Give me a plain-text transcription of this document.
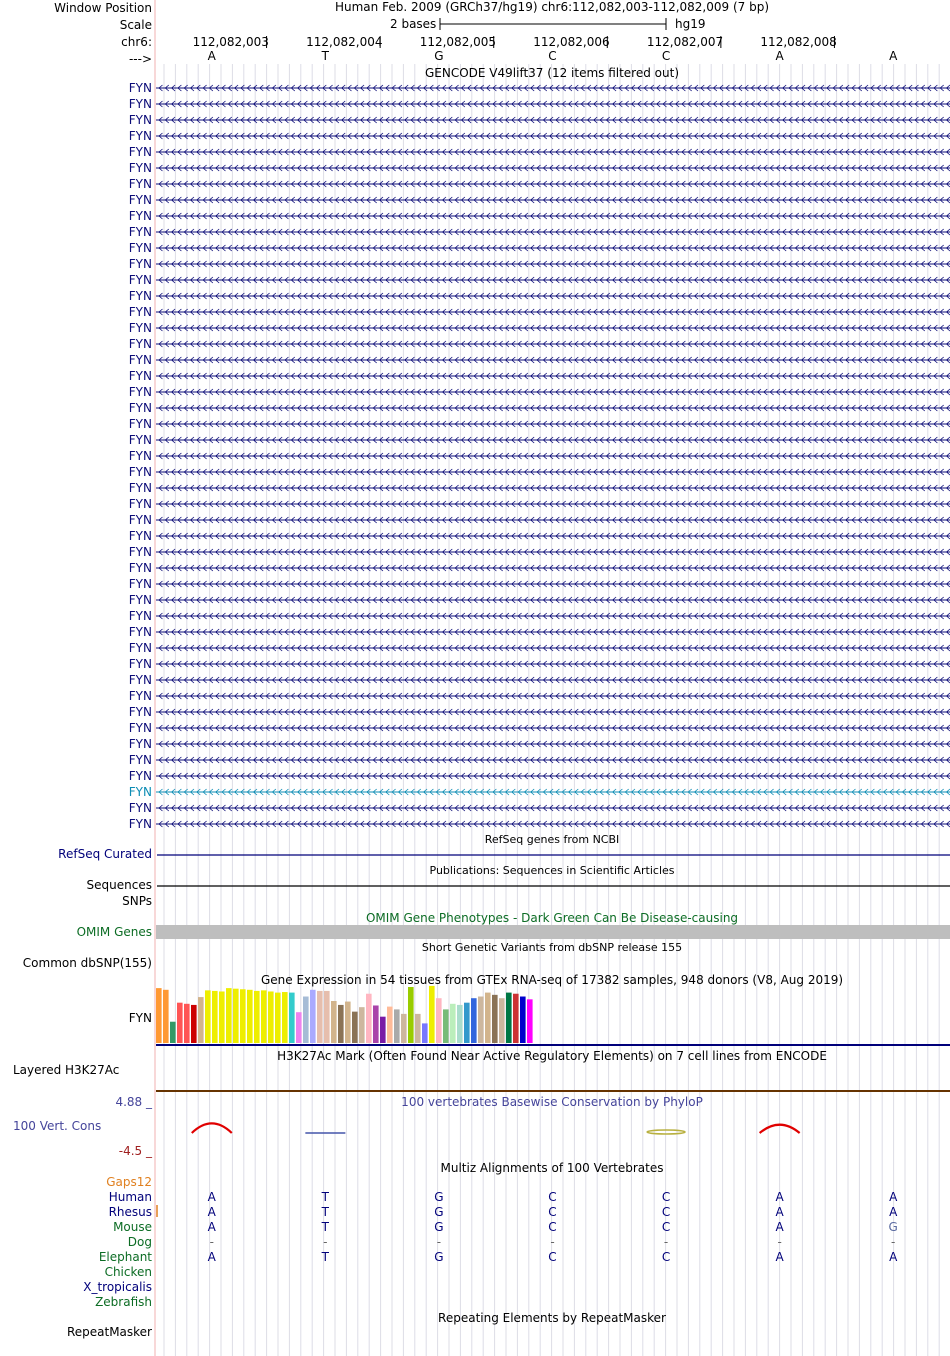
Window Position
Scale
chr6:
--->
Human Feb. 2009 (GRCh37/hg19) chr6:112,082,003-112,082,009 (7 bp)
2 bases	hg19
112,082,003	112,082,004	112,082,005	112,082,006	112,082,007	112,082,008
A	T	G	C	C	A	A
GENCODE V49lift37 (12 items filtered out)
FYN
FYN
FYN
FYN
FYN
FYN
FYN
FYN
FYN
FYN
FYN
FYN
FYN
FYN
FYN
FYN
FYN
FYN
FYN
FYN
FYN
FYN
FYN
FYN
FYN
FYN
FYN
FYN
FYN
FYN
FYN
FYN
FYN
FYN
FYN
FYN
FYN
FYN
FYN
FYN
FYN
FYN
FYN
FYN
FYN
FYN
FYN
RefSeq genes from NCBI
RefSeq Curated
Publications: Sequences in Scientific Articles
Sequences
SNPs
OMIM Gene Phenotypes - Dark Green Can Be Disease-causing
OMIM Genes
Short Genetic Variants from dbSNP release 155
Common dbSNP(155)
Gene Expression in 54 tissues from GTEx RNA-seq of 17382 samples, 948 donors (V8, Aug 2019)
FYN
H3K27Ac Mark (Often Found Near Active Regulatory Elements) on 7 cell lines from ENCODE
Layered H3K27Ac
100 vertebrates Basewise Conservation by PhyloP
100 Vert. Cons
4.88 _
-4.5 _
Multiz Alignments of 100 Vertebrates
Gaps12
Human	A	T	G	C	C	A	A
Rhesus	A	T	G	C	C	A	A
Mouse	A	T	G	C	C	A	G
Dog	-	-	-	-	-	-	-
Elephant	A	T	G	C	C	A	A
Chicken
X_tropicalis
Zebrafish
Repeating Elements by RepeatMasker
RepeatMasker
